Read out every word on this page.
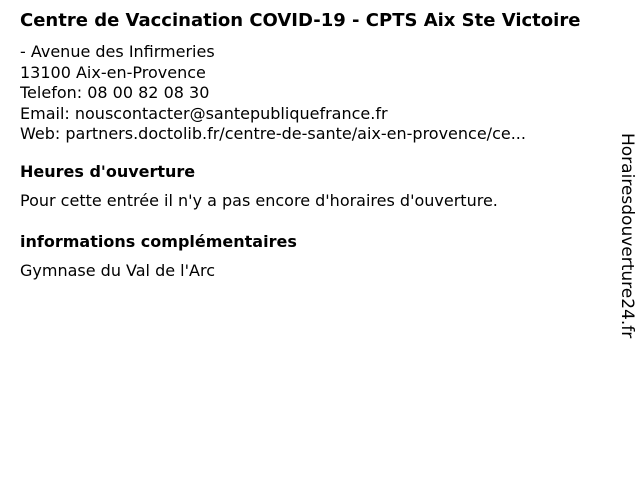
Centre de Vaccination COVID-19 - CPTS Aix Ste Victoire
- Avenue des Infirmeries
13100 Aix-en-Provence
Telefon: 08 00 82 08 30
Email: nouscontacter@santepubliquefrance.fr
Web: partners.doctolib.fr/centre-de-sante/aix-en-provence/ce...
Heures d'ouverture

Pour cette entrée il n'y a pas encore d'horaires d'ouverture.

informations complémentaires

Gymnase du Val de l'Arc	Horairesdouverture24.fr
